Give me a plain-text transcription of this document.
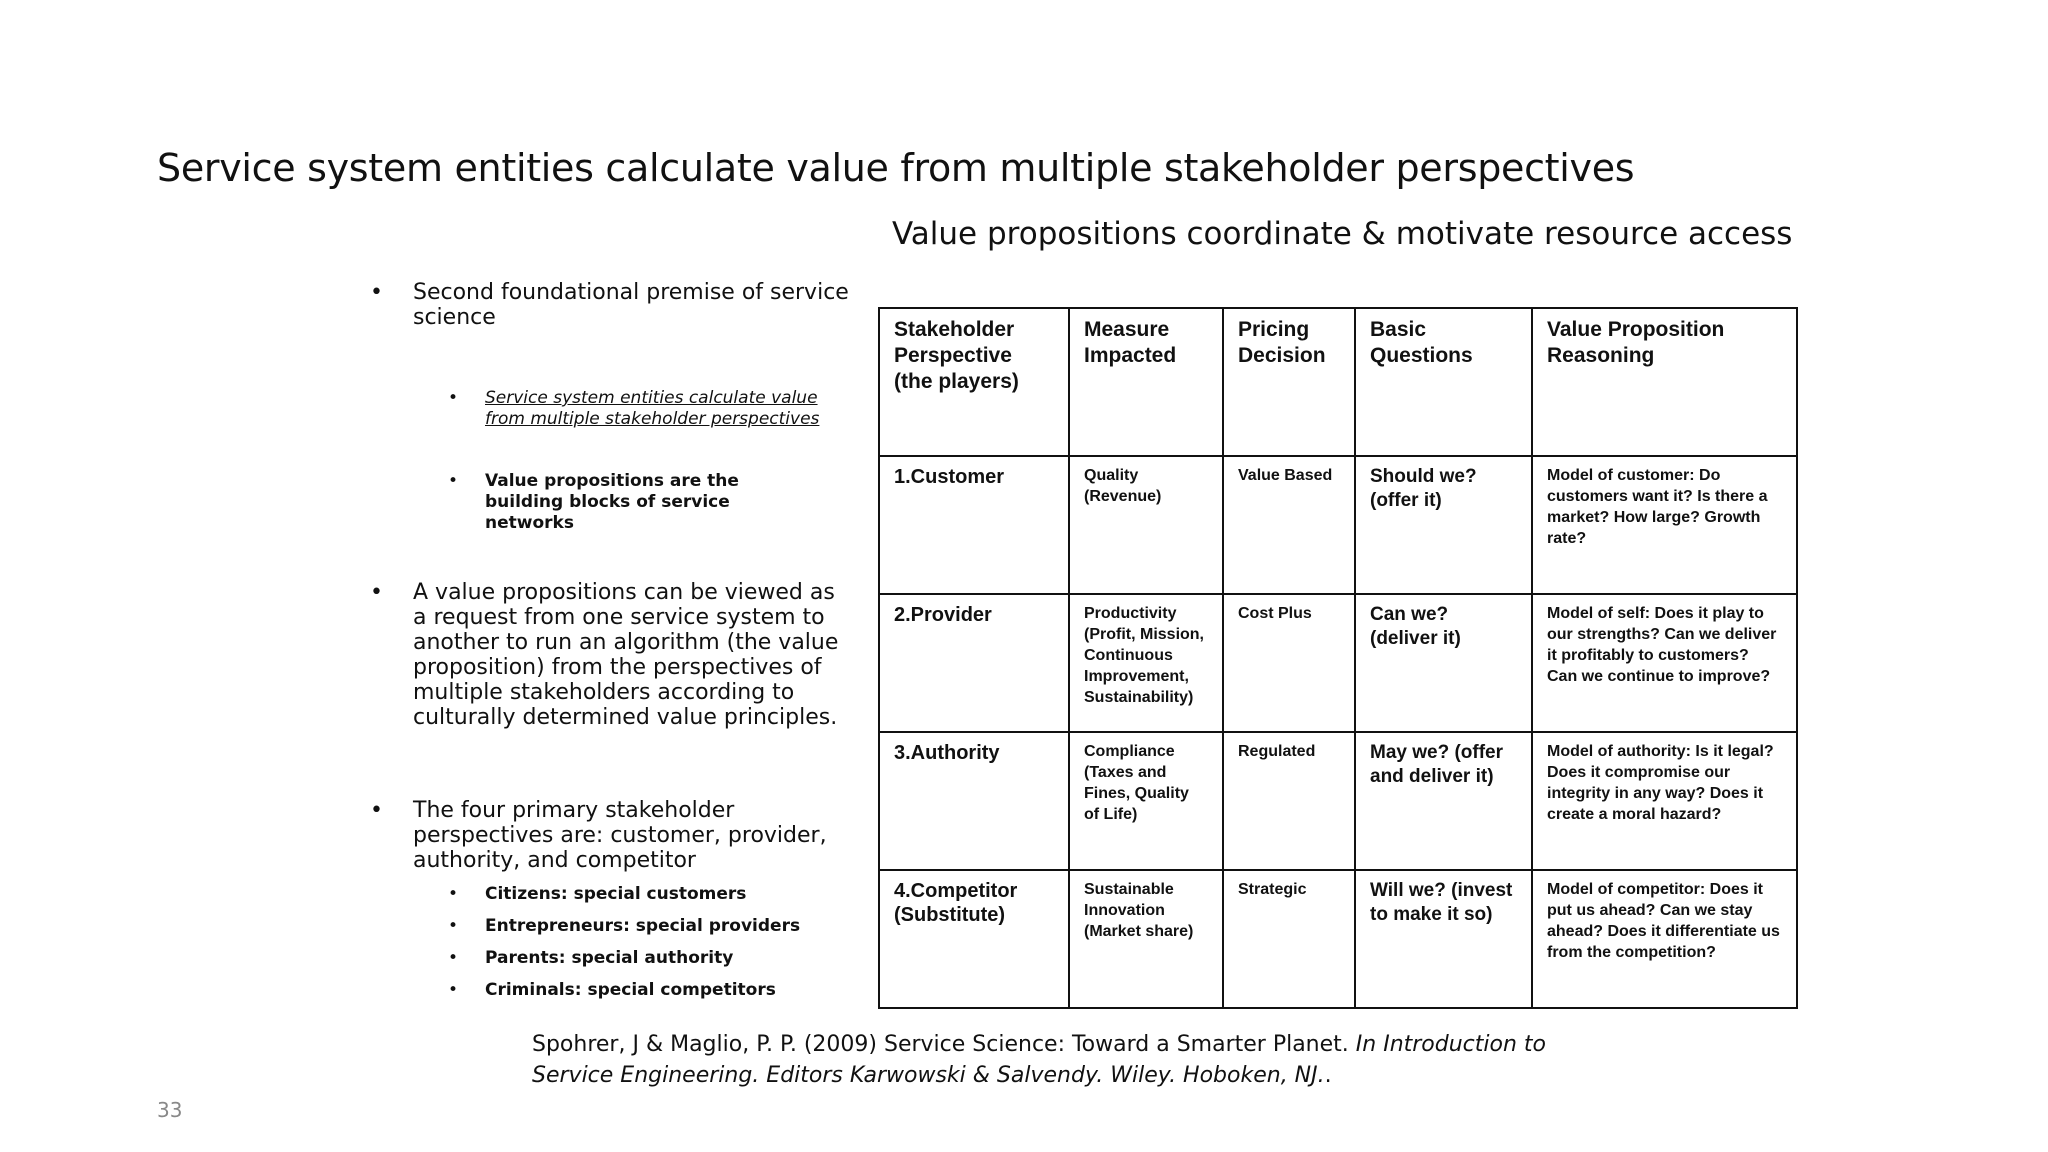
Service system entities calculate value from multiple stakeholder perspectives
Value propositions coordinate & motivate resource access
•	Second foundational premise of service science
•	Service system entities calculate value from multiple stakeholder perspectives
•	Value propositions are the building blocks of service networks
•	A value propositions can be viewed as a request from one service system to another to run an algorithm (the value proposition) from the perspectives of multiple stakeholders according to culturally determined value principles.
•	The four primary stakeholder perspectives are: customer, provider, authority, and competitor
•	Citizens: special customers
•	Entrepreneurs: special providers
•	Parents: special authority
•	Criminals: special competitors
Stakeholder Perspective (the players)	Measure Impacted	Pricing Decision	Basic Questions	Value Proposition Reasoning
1.Customer	Quality (Revenue)	Value Based	Should we? (offer it)	Model of customer: Do customers want it? Is there a market? How large? Growth rate?
2.Provider	Productivity (Profit, Mission, Continuous Improvement, Sustainability)	Cost Plus	Can we? (deliver it)	Model of self: Does it play to our strengths? Can we deliver it profitably to customers? Can we continue to improve?
3.Authority	Compliance (Taxes and Fines, Quality of Life)	Regulated	May we? (offer and deliver it)	Model of authority: Is it legal? Does it compromise our integrity in any way? Does it create a moral hazard?
4.Competitor (Substitute)	Sustainable Innovation (Market share)	Strategic	Will we? (invest to make it so)	Model of competitor: Does it put us ahead? Can we stay ahead? Does it differentiate us from the competition?
Spohrer, J & Maglio, P. P. (2009) Service Science: Toward a Smarter Planet. In Introduction to Service Engineering. Editors Karwowski & Salvendy. Wiley. Hoboken, NJ..
33
